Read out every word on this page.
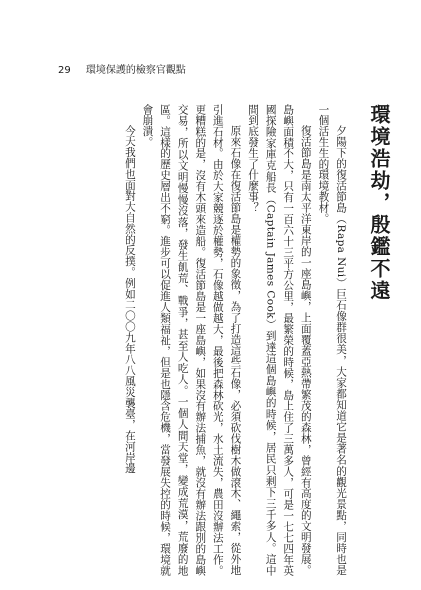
29 環境保護的檢察官觀點
環境浩劫，殷鑑不遠

夕陽下的復活節島（Rapa Nui）巨石像群很美，大家都知道它是著名的觀光景點，同時也是一個活生生的環境教材。

復活節島是南太平洋東岸的一座島嶼，上面覆蓋亞熱帶繁茂的森林，曾經有高度的文明發展。島嶼面積不大，只有一百六十三平方公里，最繁榮的時候，島上住了三萬多人，可是一七七四年英國探險家庫克船長（Captain James Cook）到達這個島嶼的時候，居民只剩下三千多人。這中間到底發生了什麼事？

原來石像在復活節島是權勢的象徵，為了打造這些石像，必須砍伐樹木做滾木、繩索，從外地引進石材。由於大家競逐於權勢，石像越做越大，最後把森林砍光，水土流失，農田沒辦法工作。更糟糕的是，沒有木頭來造船。復活節島是一座島嶼，如果沒有辦法捕魚，就沒有辦法跟別的島嶼交易，所以文明慢慢沒落，發生飢荒、戰爭，甚至人吃人。一個人間天堂，變成荒漠，荒廢的地區。這樣的歷史層出不窮。進步可以促進人類福祉，但是也隱含危機，當發展失控的時候，環境就會崩潰。

今天我們也面對大自然的反撲。例如二〇〇九年八八風災襲臺，在河岸邊
